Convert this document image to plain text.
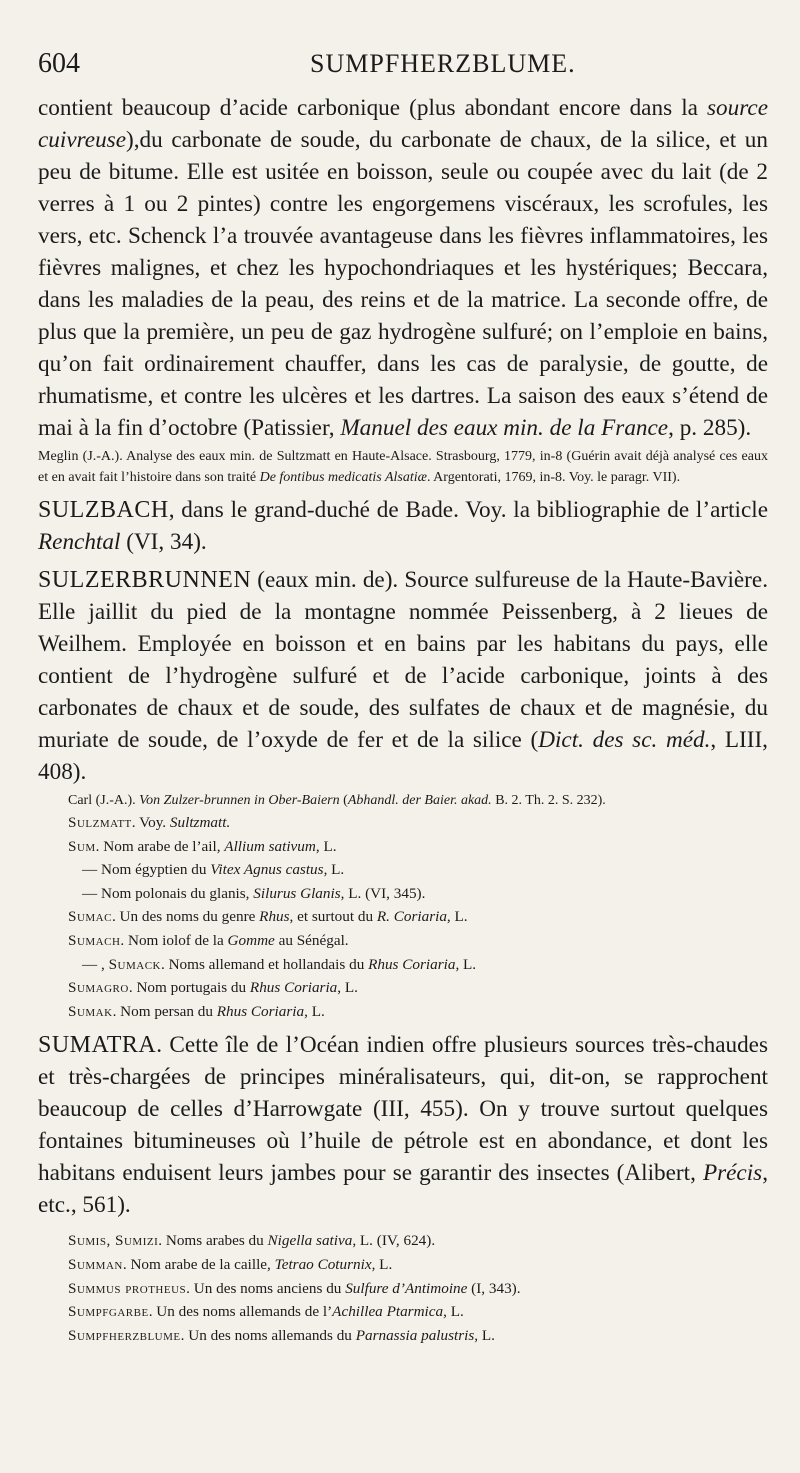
604	SUMPFHERZBLUME.

contient beaucoup d’acide carbonique (plus abondant encore dans la source cuivreuse),du carbonate de soude, du carbonate de chaux, de la silice, et un peu de bitume. Elle est usitée en boisson, seule ou coupée avec du lait (de 2 verres à 1 ou 2 pintes) contre les engorgemens viscéraux, les scrofules, les vers, etc. Schenck l’a trouvée avantageuse dans les fièvres inflammatoires, les fièvres malignes, et chez les hypochondriaques et les hystériques; Beccara, dans les maladies de la peau, des reins et de la matrice. La seconde offre, de plus que la première, un peu de gaz hydrogène sulfuré; on l’emploie en bains, qu’on fait ordinairement chauffer, dans les cas de paralysie, de goutte, de rhumatisme, et contre les ulcères et les dartres. La saison des eaux s’étend de mai à la fin d’octobre (Patissier, Manuel des eaux min. de la France, p. 285).

Meglin (J.-A.). Analyse des eaux min. de Sultzmatt en Haute-Alsace. Strasbourg, 1779, in-8 (Guérin avait déjà analysé ces eaux et en avait fait l’histoire dans son traité De fontibus medicatis Alsatiæ. Argentorati, 1769, in-8. Voy. le paragr. VII).

SULZBACH, dans le grand-duché de Bade. Voy. la bibliographie de l’article Renchtal (VI, 34).

SULZERBRUNNEN (eaux min. de). Source sulfureuse de la Haute-Bavière. Elle jaillit du pied de la montagne nommée Peissenberg, à 2 lieues de Weilhem. Employée en boisson et en bains par les habitans du pays, elle contient de l’hydrogène sulfuré et de l’acide carbonique, joints à des carbonates de chaux et de soude, des sulfates de chaux et de magnésie, du muriate de soude, de l’oxyde de fer et de la silice (Dict. des sc. méd., LIII, 408).

Carl (J.-A.). Von Zulzer-brunnen in Ober-Baiern (Abhandl. der Baier. akad. B. 2. Th. 2. S. 232).

Sulzmatt. Voy. Sultzmatt.

Sum. Nom arabe de l’ail, Allium sativum, L.

— Nom égyptien du Vitex Agnus castus, L.

— Nom polonais du glanis, Silurus Glanis, L. (VI, 345).

Sumac. Un des noms du genre Rhus, et surtout du R. Coriaria, L.

Sumach. Nom iolof de la Gomme au Sénégal.

— , Sumack. Noms allemand et hollandais du Rhus Coriaria, L.

Sumagro. Nom portugais du Rhus Coriaria, L.

Sumak. Nom persan du Rhus Coriaria, L.

SUMATRA. Cette île de l’Océan indien offre plusieurs sources très-chaudes et très-chargées de principes minéralisateurs, qui, dit-on, se rapprochent beaucoup de celles d’Harrowgate (III, 455). On y trouve surtout quelques fontaines bitumineuses où l’huile de pétrole est en abondance, et dont les habitans enduisent leurs jambes pour se garantir des insectes (Alibert, Précis, etc., 561).

Sumis, Sumizi. Noms arabes du Nigella sativa, L. (IV, 624).

Summan. Nom arabe de la caille, Tetrao Coturnix, L.

Summus protheus. Un des noms anciens du Sulfure d’Antimoine (I, 343).

Sumpfgarbe. Un des noms allemands de l’Achillea Ptarmica, L.

Sumpfherzblume. Un des noms allemands du Parnassia palustris, L.
